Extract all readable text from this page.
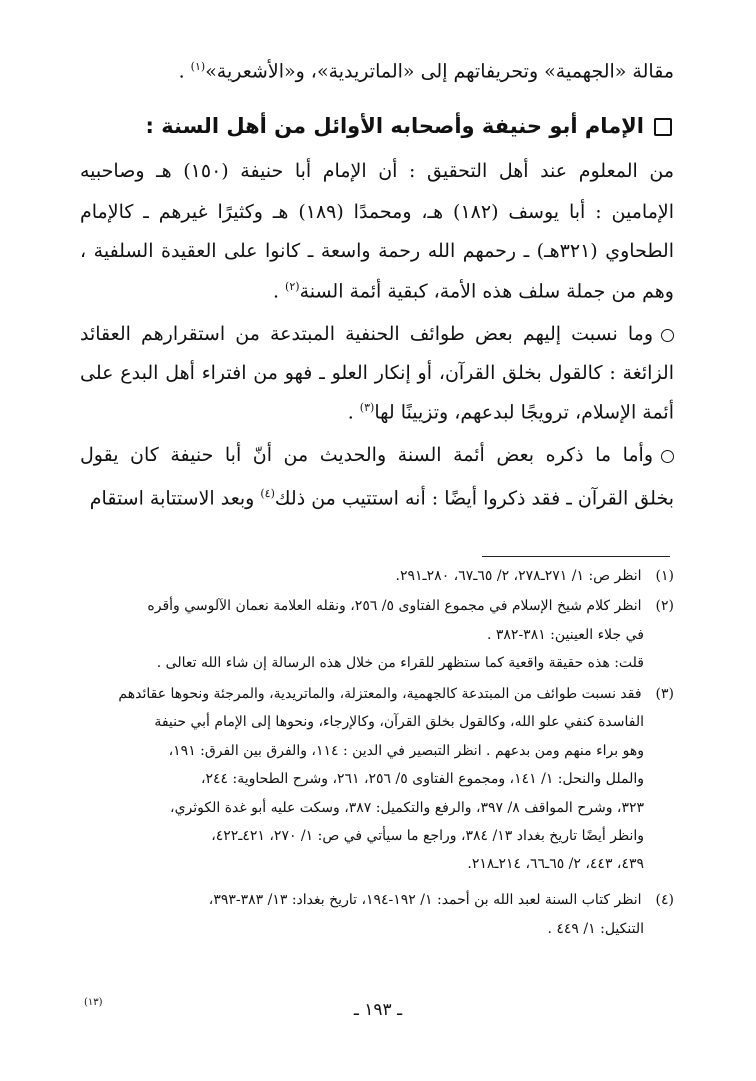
مقالة «الجهمية» وتحريفاتهم إلى «الماتريدية»، و«الأشعرية»$^{(١)}$ .
الإمام أبو حنيفة وأصحابه الأوائل من أهل السنة :
من المعلوم عند أهل التحقيق : أن الإمام أبا حنيفة (١٥٠) هـ وصاحبيه
الإمامين : أبا يوسف (١٨٢) هـ، ومحمدًا (١٨٩) هـ وكثيرًا غيرهم ـ كالإمام
الطحاوي (٣٢١هـ) ـ رحمهم الله رحمة واسعة ـ كانوا على العقيدة السلفية ،
وهم من جملة سلف هذه الأمة، كبقية أئمة السنة$^{(٢)}$ .
وما نسبت إليهم بعض طوائف الحنفية المبتدعة من استقرارهم العقائد
الزائغة : كالقول بخلق القرآن، أو إنكار العلو ـ فهو من افتراء أهل البدع على
أئمة الإسلام، ترويجًا لبدعهم، وتزيينًا لها$^{(٣)}$ .
وأما ما ذكره بعض أئمة السنة والحديث من أنّ أبا حنيفة كان يقول
بخلق القرآن ـ فقد ذكروا أيضًا : أنه استتيب من ذلك$^{(٤)}$ وبعد الاستتابة استقام
(١) انظر ص: ١/ ٢٧١ـ٢٧٨، ٢/ ٦٥ـ٦٧، ٢٨٠ـ٢٩١.
(٢) انظر كلام شيخ الإسلام في مجموع الفتاوى ٥/ ٢٥٦، ونقله العلامة نعمان الآلوسي وأقره
في جلاء العينين: ٣٨١-٣٨٢ .
قلت: هذه حقيقة واقعية كما ستظهر للقراء من خلال هذه الرسالة إن شاء الله تعالى .
(٣) فقد نسبت طوائف من المبتدعة كالجهمية، والمعتزلة، والماتريدية، والمرجئة ونحوها عقائدهم
الفاسدة كنفي علو الله، وكالقول بخلق القرآن، وكالإرجاء، ونحوها إلى الإمام أبي حنيفة
وهو براء منهم ومن بدعهم . انظر التبصير في الدين : ١١٤، والفرق بين الفرق: ١٩١،
والملل والنحل: ١/ ١٤١، ومجموع الفتاوى ٥/ ٢٥٦، ٢٦١، وشرح الطحاوية: ٢٤٤،
٣٢٣، وشرح المواقف ٨/ ٣٩٧، والرفع والتكميل: ٣٨٧، وسكت عليه أبو غدة الكوثري،
وانظر أيضًا تاريخ بغداد ١٣/ ٣٨٤، وراجع ما سيأتي في ص: ١/ ٢٧٠، ٤٢١ـ٤٢٢،
٤٣٩، ٤٤٣، ٢/ ٦٥ـ٦٦، ٢١٤ـ٢١٨.
(٤) انظر كتاب السنة لعبد الله بن أحمد: ١/ ١٩٢-١٩٤، تاريخ بغداد: ١٣/ ٣٨٣-٣٩٣،
التنكيل: ١/ ٤٤٩ .
(١٣)	ـ ١٩٣ ـ
